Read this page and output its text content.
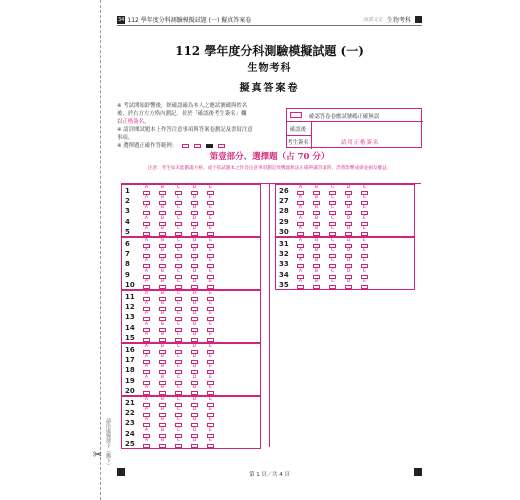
請沿虛線剪下（撕下）
✂
34 112 學年度分科測驗模擬試題 (一) 擬真答案卷	康熹文化 生物考科
112 學年度分科測驗模擬試題 (一)
生物考科
擬真答案卷
※ 考試開始鈴響後，經確認確為本人之應試號碼與姓名
後，於右方左方格內劃記，並於「確認後考生簽名」欄
以正楷簽名。
※ 請詳閱試題本上作答注意事項與答案卷劃記及書寫注意
事項。
※ 選擇題正確作答範例：
確認答卷卷應試號碼正確無誤
確認後
考生簽名	請用正楷簽名
第壹部分、選擇題（占 70 分）
注意：考生如未能劃滿方格、或不依試題本之作答注意事項劃記致機器無法正確辨識答案時，恐將影響成績並損及權益。
1	A	B	C	D	E
2	A	B	C	D	E
3	A	B	C	D	E
4	A	B	C	D	E
5	A	B	C	D	E
6	A	B	C	D	E
7	A	B	C	D	E
8	A	B	C	D	E
9	A	B	C	D	E
10	A	B	C	D	E
11	A	B	C	D	E
12	A	B	C	D	E
13	A	B	C	D	E
14	A	B	C	D	E
15	A	B	C	D	E
16	A	B	C	D	E
17	A	B	C	D	E
18	A	B	C	D	E
19	A	B	C	D	E
20	A	B	C	D	E
21	A	B	C	D	E
22	A	B	C	D	E
23	A	B	C	D	E
24	A	B	C	D	E
25	A	B	C	D	E
26	A	B	C	D	E
27	A	B	C	D	E
28	A	B	C	D	E
29	A	B	C	D	E
30	A	B	C	D	E
31	A	B	C	D	E
32	A	B	C	D	E
33	A	B	C	D	E
34	A	B	C	D	E
35	A	B	C	D	E
第 1 頁／共 4 頁
